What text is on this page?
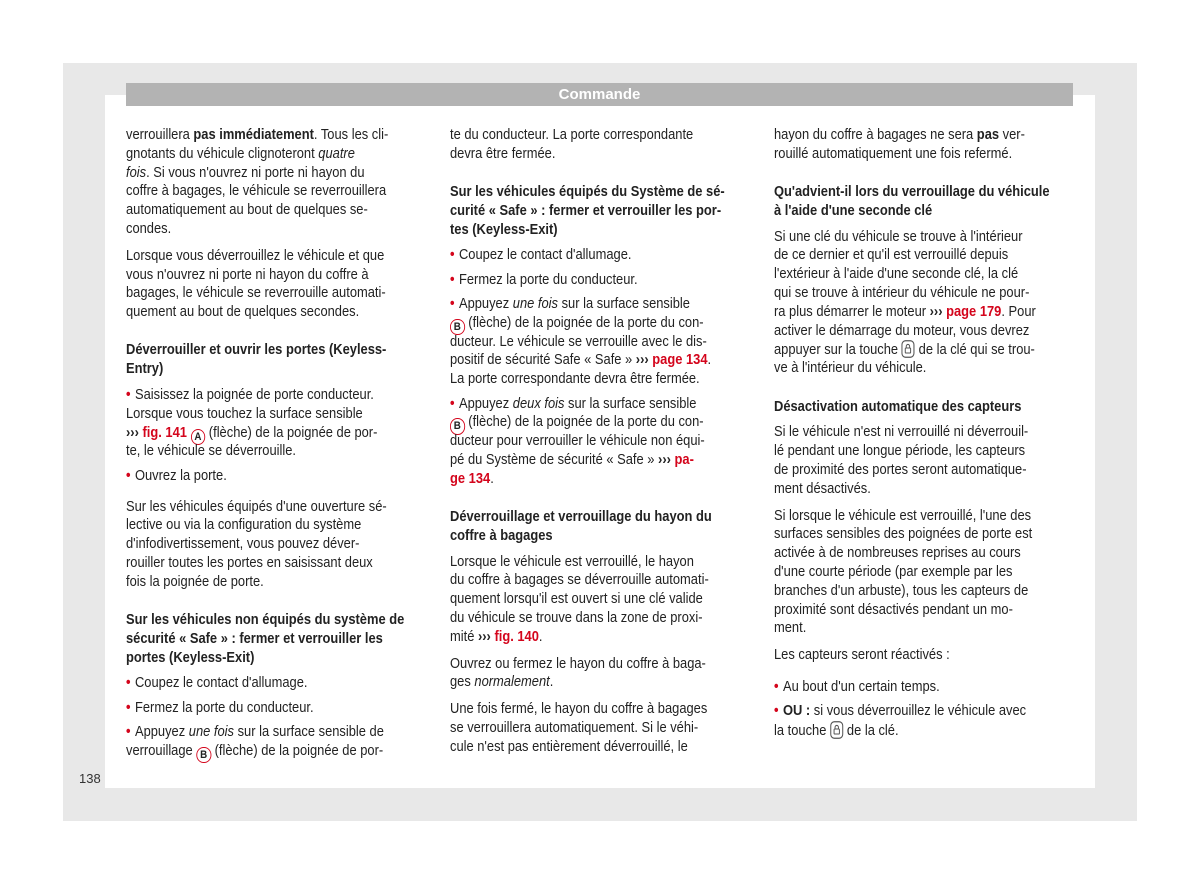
Commande
verrouillera pas immédiatement. Tous les cli-
gnotants du véhicule clignoteront quatre
fois. Si vous n'ouvrez ni porte ni hayon du
coffre à bagages, le véhicule se reverrouillera
automatiquement au bout de quelques se-
condes.
Lorsque vous déverrouillez le véhicule et que
vous n'ouvrez ni porte ni hayon du coffre à
bagages, le véhicule se reverrouille automati-
quement au bout de quelques secondes.
Déverrouiller et ouvrir les portes (Keyless-
Entry)
• Saisissez la poignée de porte conducteur.
Lorsque vous touchez la surface sensible
››› fig. 141 A (flèche) de la poignée de por-
te, le véhicule se déverrouille.
• Ouvrez la porte.
Sur les véhicules équipés d'une ouverture sé-
lective ou via la configuration du système
d'infodivertissement, vous pouvez déver-
rouiller toutes les portes en saisissant deux
fois la poignée de porte.
Sur les véhicules non équipés du système de
sécurité « Safe » : fermer et verrouiller les
portes (Keyless-Exit)
• Coupez le contact d'allumage.
• Fermez la porte du conducteur.
• Appuyez une fois sur la surface sensible de
verrouillage B (flèche) de la poignée de por-
te du conducteur. La porte correspondante
devra être fermée.
Sur les véhicules équipés du Système de sé-
curité « Safe » : fermer et verrouiller les por-
tes (Keyless-Exit)
• Coupez le contact d'allumage.
• Fermez la porte du conducteur.
• Appuyez une fois sur la surface sensible
B (flèche) de la poignée de la porte du con-
ducteur. Le véhicule se verrouille avec le dis-
positif de sécurité Safe « Safe » ››› page 134.
La porte correspondante devra être fermée.
• Appuyez deux fois sur la surface sensible
B (flèche) de la poignée de la porte du con-
ducteur pour verrouiller le véhicule non équi-
pé du Système de sécurité « Safe » ››› pa-
ge 134.
Déverrouillage et verrouillage du hayon du
coffre à bagages
Lorsque le véhicule est verrouillé, le hayon
du coffre à bagages se déverrouille automati-
quement lorsqu'il est ouvert si une clé valide
du véhicule se trouve dans la zone de proxi-
mité ››› fig. 140.
Ouvrez ou fermez le hayon du coffre à baga-
ges normalement.
Une fois fermé, le hayon du coffre à bagages
se verrouillera automatiquement. Si le véhi-
cule n'est pas entièrement déverrouillé, le
hayon du coffre à bagages ne sera pas ver-
rouillé automatiquement une fois refermé.
Qu'advient-il lors du verrouillage du véhicule
à l'aide d'une seconde clé
Si une clé du véhicule se trouve à l'intérieur
de ce dernier et qu'il est verrouillé depuis
l'extérieur à l'aide d'une seconde clé, la clé
qui se trouve à intérieur du véhicule ne pour-
ra plus démarrer le moteur ››› page 179. Pour
activer le démarrage du moteur, vous devrez
appuyer sur la touche  de la clé qui se trou-
ve à l'intérieur du véhicule.
Désactivation automatique des capteurs
Si le véhicule n'est ni verrouillé ni déverrouil-
lé pendant une longue période, les capteurs
de proximité des portes seront automatique-
ment désactivés.
Si lorsque le véhicule est verrouillé, l'une des
surfaces sensibles des poignées de porte est
activée à de nombreuses reprises au cours
d'une courte période (par exemple par les
branches d'un arbuste), tous les capteurs de
proximité sont désactivés pendant un mo-
ment.
Les capteurs seront réactivés :
• Au bout d'un certain temps.
• OU : si vous déverrouillez le véhicule avec
la touche  de la clé.
138
